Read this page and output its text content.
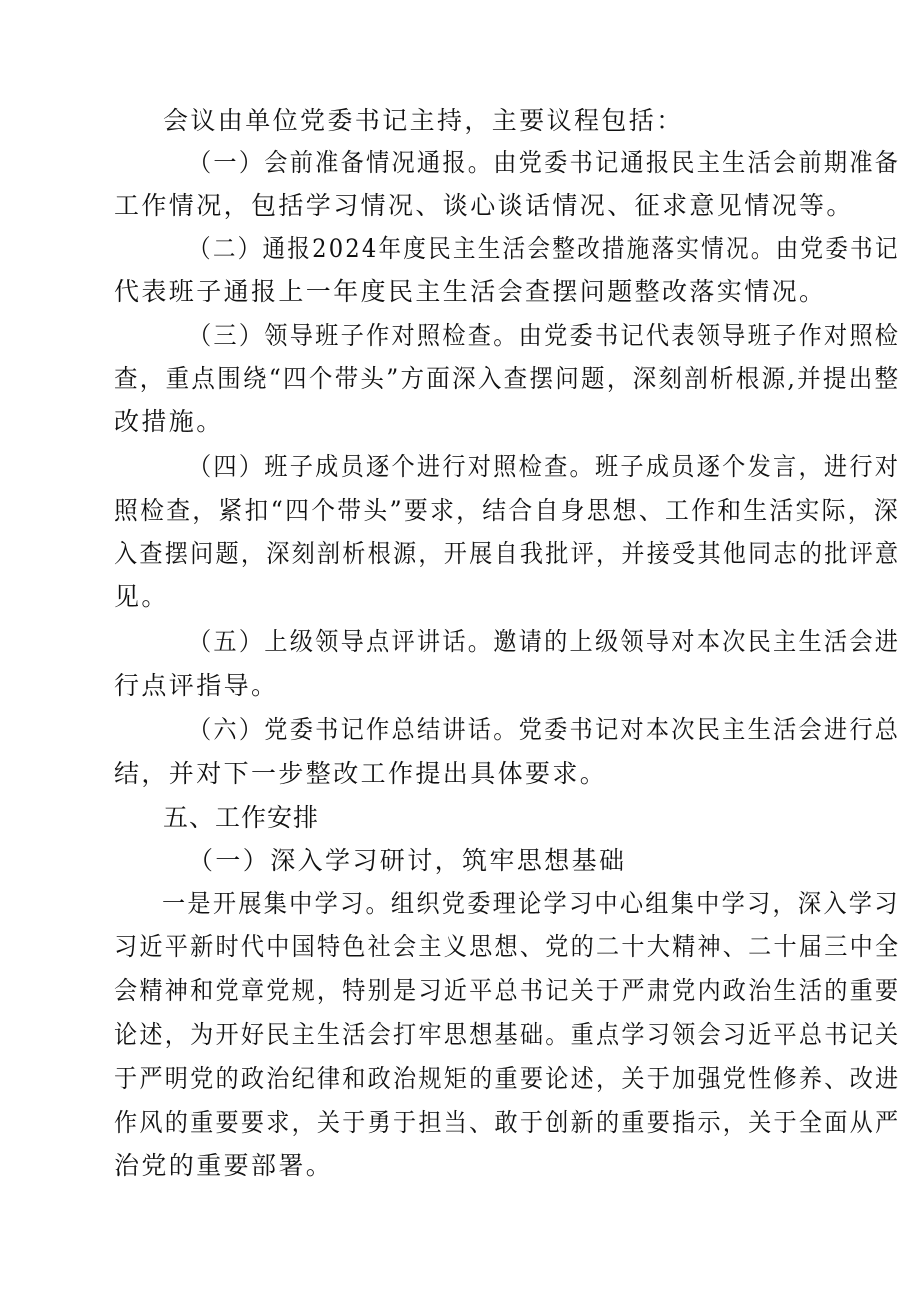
会议由单位党委书记主持，主要议程包括：
（一）会前准备情况通报。由党委书记通报民主生活会前期准备
工作情况，包括学习情况、谈心谈话情况、征求意见情况等。
（二）通报2024年度民主生活会整改措施落实情况。由党委书记
代表班子通报上一年度民主生活会查摆问题整改落实情况。
（三）领导班子作对照检查。由党委书记代表领导班子作对照检
查，重点围绕“四个带头”方面深入查摆问题，深刻剖析根源,并提出整
改措施。
（四）班子成员逐个进行对照检查。班子成员逐个发言，进行对
照检查，紧扣“四个带头”要求，结合自身思想、工作和生活实际，深
入查摆问题，深刻剖析根源，开展自我批评，并接受其他同志的批评意
见。
（五）上级领导点评讲话。邀请的上级领导对本次民主生活会进
行点评指导。
（六）党委书记作总结讲话。党委书记对本次民主生活会进行总
结，并对下一步整改工作提出具体要求。
五、工作安排
（一）深入学习研讨，筑牢思想基础
一是开展集中学习。组织党委理论学习中心组集中学习，深入学习
习近平新时代中国特色社会主义思想、党的二十大精神、二十届三中全
会精神和党章党规，特别是习近平总书记关于严肃党内政治生活的重要
论述，为开好民主生活会打牢思想基础。重点学习领会习近平总书记关
于严明党的政治纪律和政治规矩的重要论述，关于加强党性修养、改进
作风的重要要求，关于勇于担当、敢于创新的重要指示，关于全面从严
治党的重要部署。
